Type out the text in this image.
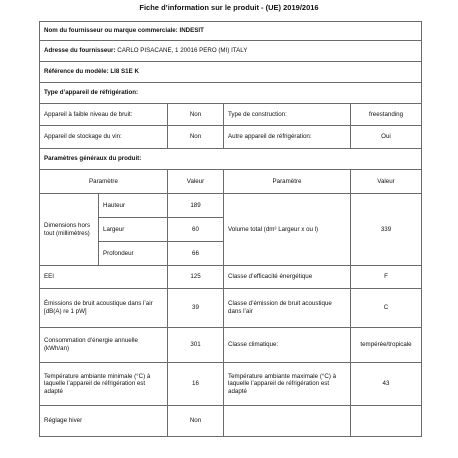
Fiche d’information sur le produit - (UE) 2019/2016
Nom du fournisseur ou marque commerciale: INDESIT				
Adresse du fournisseur: CARLO PISACANE, 1 20016 PERO (MI) ITALY				
Référence du modèle: LI8 S1E K				
Type d’appareil de réfrigération:				
Appareil à faible niveau de bruit:		Non	Type de construction:	freestanding
Appareil de stockage du vin:		Non	Autre appareil de réfrigération:	Oui
Paramètres généraux du produit:				
Paramètre		Valeur	Paramètre	Valeur
Dimensions hors tout (millimètres)	Hauteur	189	Volume total (dm³ Largeur x ou l)	339
	Largeur	60		
	Profondeur	66		
EEI		125	Classe d’efficacité énergétique	F
Émissions de bruit acoustique dans l’air [dB(A) re 1 pW]		39	Classe d’émission de bruit acoustique dans l’air	C
Consommation d’énergie annuelle (kWh/an)		301	Classe climatique:	tempérée/tropicale
Température ambiante minimale (°C) à laquelle l’appareil de réfrigération est adapté		16	Température ambiante maximale (°C) à laquelle l’appareil de réfrigération est adapté	43
Réglage hiver		Non		
